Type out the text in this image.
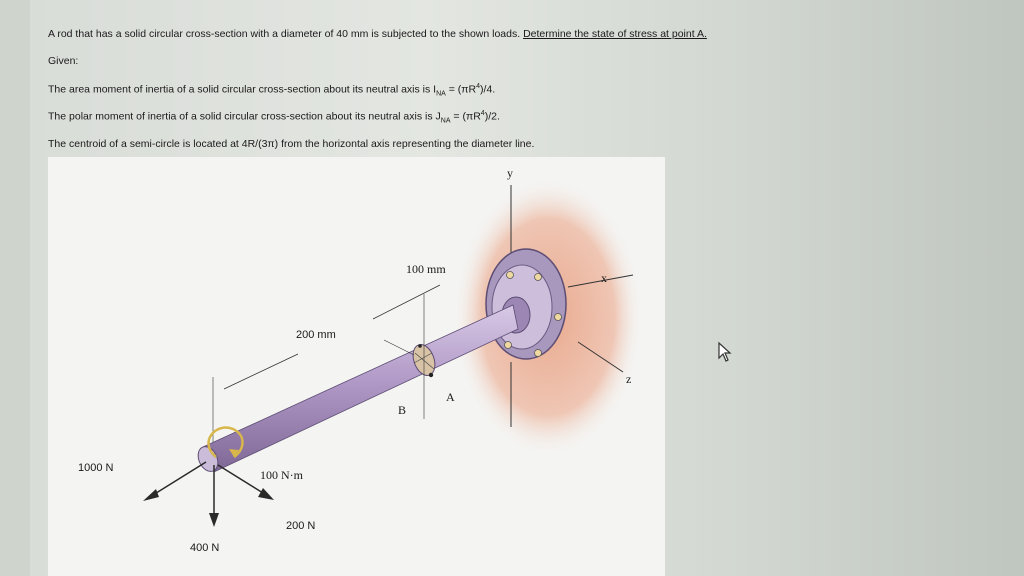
A rod that has a solid circular cross-section with a diameter of 40 mm is subjected to the shown loads. Determine the state of stress at point A.
Given:
The area moment of inertia of a solid circular cross-section about its neutral axis is $I_{NA} = (\pi R^4)/4$.
The polar moment of inertia of a solid circular cross-section about its neutral axis is $J_{NA} = (\pi R^4)/2$.
The centroid of a semi-circle is located at 4R/(3π) from the horizontal axis representing the diameter line.
y
x
z
100 mm
200 mm
A
B
1000 N	100 N·m
200 N
400 N
